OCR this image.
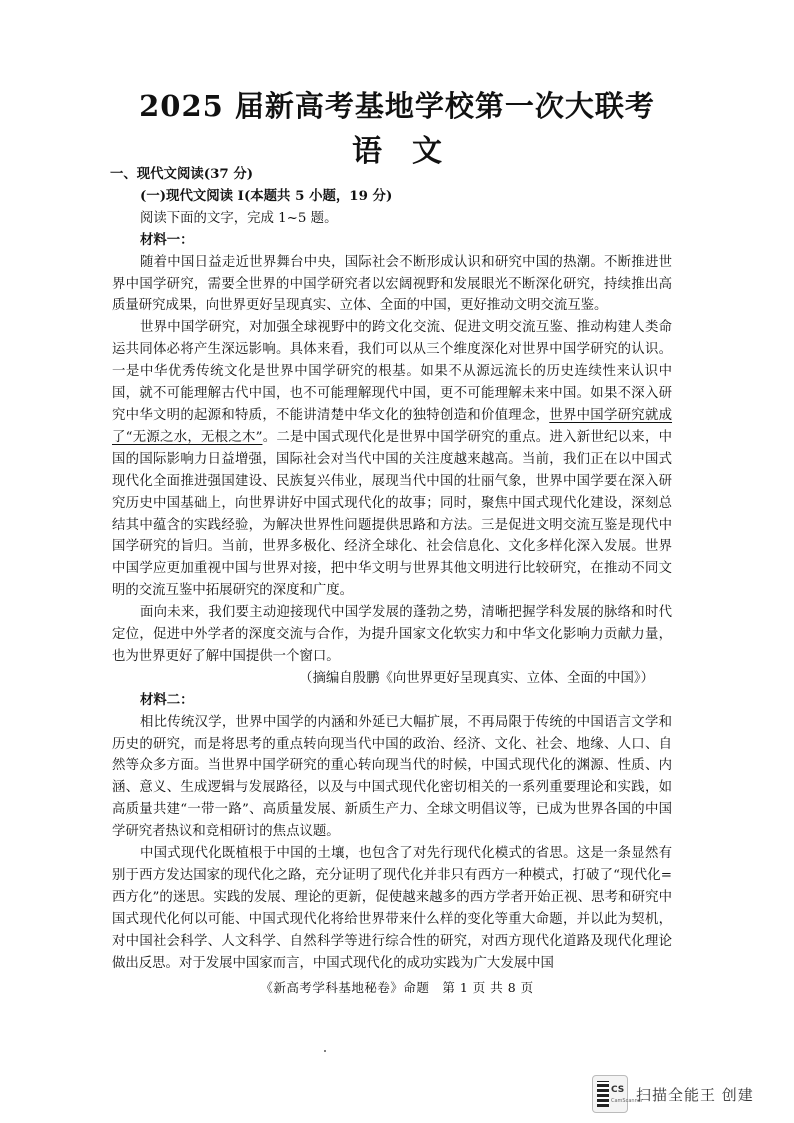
2025 届新高考基地学校第一次大联考
语文
一、现代文阅读(37 分)
(一)现代文阅读 I(本题共 5 小题，19 分)
阅读下面的文字，完成 1~5 题。
材料一：

随着中国日益走近世界舞台中央，国际社会不断形成认识和研究中国的热潮。不断推进世界中国学研究，需要全世界的中国学研究者以宏阔视野和发展眼光不断深化研究，持续推出高质量研究成果，向世界更好呈现真实、立体、全面的中国，更好推动文明交流互鉴。

世界中国学研究，对加强全球视野中的跨文化交流、促进文明交流互鉴、推动构建人类命运共同体必将产生深远影响。具体来看，我们可以从三个维度深化对世界中国学研究的认识。一是中华优秀传统文化是世界中国学研究的根基。如果不从源远流长的历史连续性来认识中国，就不可能理解古代中国，也不可能理解现代中国，更不可能理解未来中国。如果不深入研究中华文明的起源和特质，不能讲清楚中华文化的独特创造和价值理念，世界中国学研究就成了“无源之水，无根之木”。二是中国式现代化是世界中国学研究的重点。进入新世纪以来，中国的国际影响力日益增强，国际社会对当代中国的关注度越来越高。当前，我们正在以中国式现代化全面推进强国建设、民族复兴伟业，展现当代中国的壮丽气象，世界中国学要在深入研究历史中国基础上，向世界讲好中国式现代化的故事；同时，聚焦中国式现代化建设，深刻总结其中蕴含的实践经验，为解决世界性问题提供思路和方法。三是促进文明交流互鉴是现代中国学研究的旨归。当前，世界多极化、经济全球化、社会信息化、文化多样化深入发展。世界中国学应更加重视中国与世界对接，把中华文明与世界其他文明进行比较研究，在推动不同文明的交流互鉴中拓展研究的深度和广度。

面向未来，我们要主动迎接现代中国学发展的蓬勃之势，清晰把握学科发展的脉络和时代定位，促进中外学者的深度交流与合作，为提升国家文化软实力和中华文化影响力贡献力量，也为世界更好了解中国提供一个窗口。

（摘编自殷鹏《向世界更好呈现真实、立体、全面的中国》）
材料二：

相比传统汉学，世界中国学的内涵和外延已大幅扩展，不再局限于传统的中国语言文学和历史的研究，而是将思考的重点转向现当代中国的政治、经济、文化、社会、地缘、人口、自然等众多方面。当世界中国学研究的重心转向现当代的时候，中国式现代化的渊源、性质、内涵、意义、生成逻辑与发展路径，以及与中国式现代化密切相关的一系列重要理论和实践，如高质量共建“一带一路”、高质量发展、新质生产力、全球文明倡议等，已成为世界各国的中国学研究者热议和竞相研讨的焦点议题。

中国式现代化既植根于中国的土壤，也包含了对先行现代化模式的省思。这是一条显然有别于西方发达国家的现代化之路，充分证明了现代化并非只有西方一种模式，打破了“现代化=西方化”的迷思。实践的发展、理论的更新，促使越来越多的西方学者开始正视、思考和研究中国式现代化何以可能、中国式现代化将给世界带来什么样的变化等重大命题，并以此为契机，对中国社会科学、人文科学、自然科学等进行综合性的研究，对西方现代化道路及现代化理论做出反思。对于发展中国家而言，中国式现代化的成功实践为广大发展中国

《新高考学科基地秘卷》命题　第 1 页 共 8 页
CS
CamScanner
扫描全能王 创建
